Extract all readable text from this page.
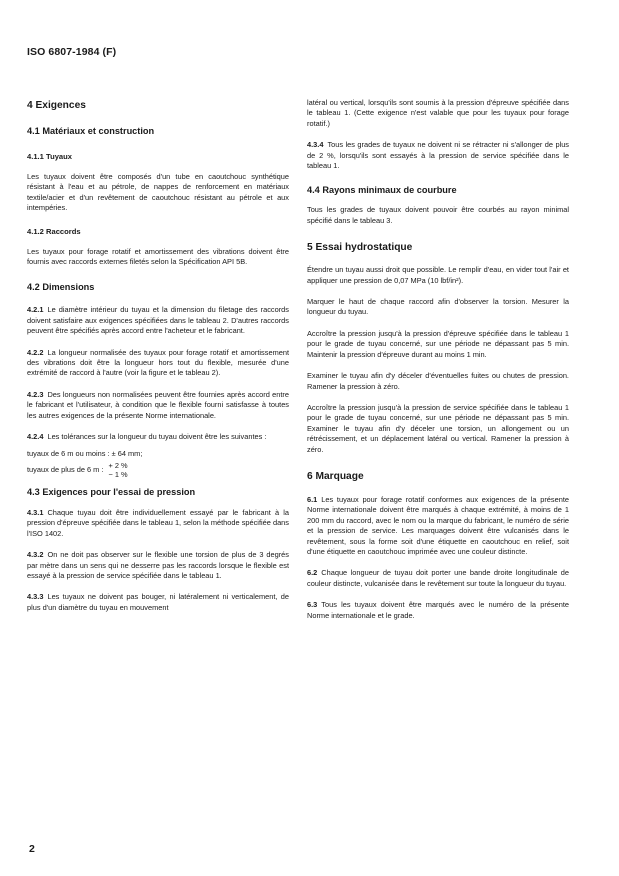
ISO 6807-1984 (F)
4 Exigences
4.1 Matériaux et construction
4.1.1 Tuyaux

Les tuyaux doivent être composés d'un tube en caoutchouc synthétique résistant à l'eau et au pétrole, de nappes de renforcement en matériaux textile/acier et d'un revêtement de caoutchouc résistant au pétrole et aux intempéries.

4.1.2 Raccords

Les tuyaux pour forage rotatif et amortissement des vibrations doivent être fournis avec raccords externes filetés selon la Spécification API 5B.

4.2 Dimensions

4.2.1 Le diamètre intérieur du tuyau et la dimension du filetage des raccords doivent satisfaire aux exigences spécifiées dans le tableau 2. D'autres raccords peuvent être spécifiés après accord entre l'acheteur et le fabricant.

4.2.2 La longueur normalisée des tuyaux pour forage rotatif et amortissement des vibrations doit être la longueur hors tout du flexible, mesurée d'une extrémité de raccord à l'autre (voir la figure et le tableau 2).

4.2.3 Des longueurs non normalisées peuvent être fournies après accord entre le fabricant et l'utilisateur, à condition que le flexible fourni satisfasse à toutes les autres exigences de la présente Norme internationale.

4.2.4 Les tolérances sur la longueur du tuyau doivent être les suivantes :

tuyaux de 6 m ou moins : ± 64 mm;

tuyaux de plus de 6 m : + 2 %
− 1 %

4.3 Exigences pour l'essai de pression

4.3.1 Chaque tuyau doit être individuellement essayé par le fabricant à la pression d'épreuve spécifiée dans le tableau 1, selon la méthode spécifiée dans l'ISO 1402.

4.3.2 On ne doit pas observer sur le flexible une torsion de plus de 3 degrés par mètre dans un sens qui ne desserre pas les raccords lorsque le flexible est essayé à la pression de service spécifiée dans le tableau 1.

4.3.3 Les tuyaux ne doivent pas bouger, ni latéralement ni verticalement, de plus d'un diamètre du tuyau en mouvement

latéral ou vertical, lorsqu'ils sont soumis à la pression d'épreuve spécifiée dans le tableau 1. (Cette exigence n'est valable que pour les tuyaux pour forage rotatif.)

4.3.4 Tous les grades de tuyaux ne doivent ni se rétracter ni s'allonger de plus de 2 %, lorsqu'ils sont essayés à la pression de service spécifiée dans le tableau 1.

4.4 Rayons minimaux de courbure

Tous les grades de tuyaux doivent pouvoir être courbés au rayon minimal spécifié dans le tableau 3.

5 Essai hydrostatique

Étendre un tuyau aussi droit que possible. Le remplir d'eau, en vider tout l'air et appliquer une pression de 0,07 MPa (10 lbf/in²).

Marquer le haut de chaque raccord afin d'observer la torsion. Mesurer la longueur du tuyau.

Accroître la pression jusqu'à la pression d'épreuve spécifiée dans le tableau 1 pour le grade de tuyau concerné, sur une période ne dépassant pas 5 min. Maintenir la pression d'épreuve durant au moins 1 min.

Examiner le tuyau afin d'y déceler d'éventuelles fuites ou chutes de pression. Ramener la pression à zéro.

Accroître la pression jusqu'à la pression de service spécifiée dans le tableau 1 pour le grade de tuyau concerné, sur une période ne dépassant pas 5 min. Examiner le tuyau afin d'y déceler une torsion, un allongement ou un rétrécissement, et un déplacement latéral ou vertical. Ramener la pression à zéro.

6 Marquage

6.1 Les tuyaux pour forage rotatif conformes aux exigences de la présente Norme internationale doivent être marqués à chaque extrémité, à moins de 1 200 mm du raccord, avec le nom ou la marque du fabricant, le numéro de série et la pression de service. Les marquages doivent être vulcanisés dans le revêtement, sous la forme soit d'une étiquette en caoutchouc en relief, soit d'une étiquette en caoutchouc imprimée avec une couleur distincte.

6.2 Chaque longueur de tuyau doit porter une bande droite longitudinale de couleur distincte, vulcanisée dans le revêtement sur toute la longueur du tuyau.

6.3 Tous les tuyaux doivent être marqués avec le numéro de la présente Norme internationale et le grade.

2
